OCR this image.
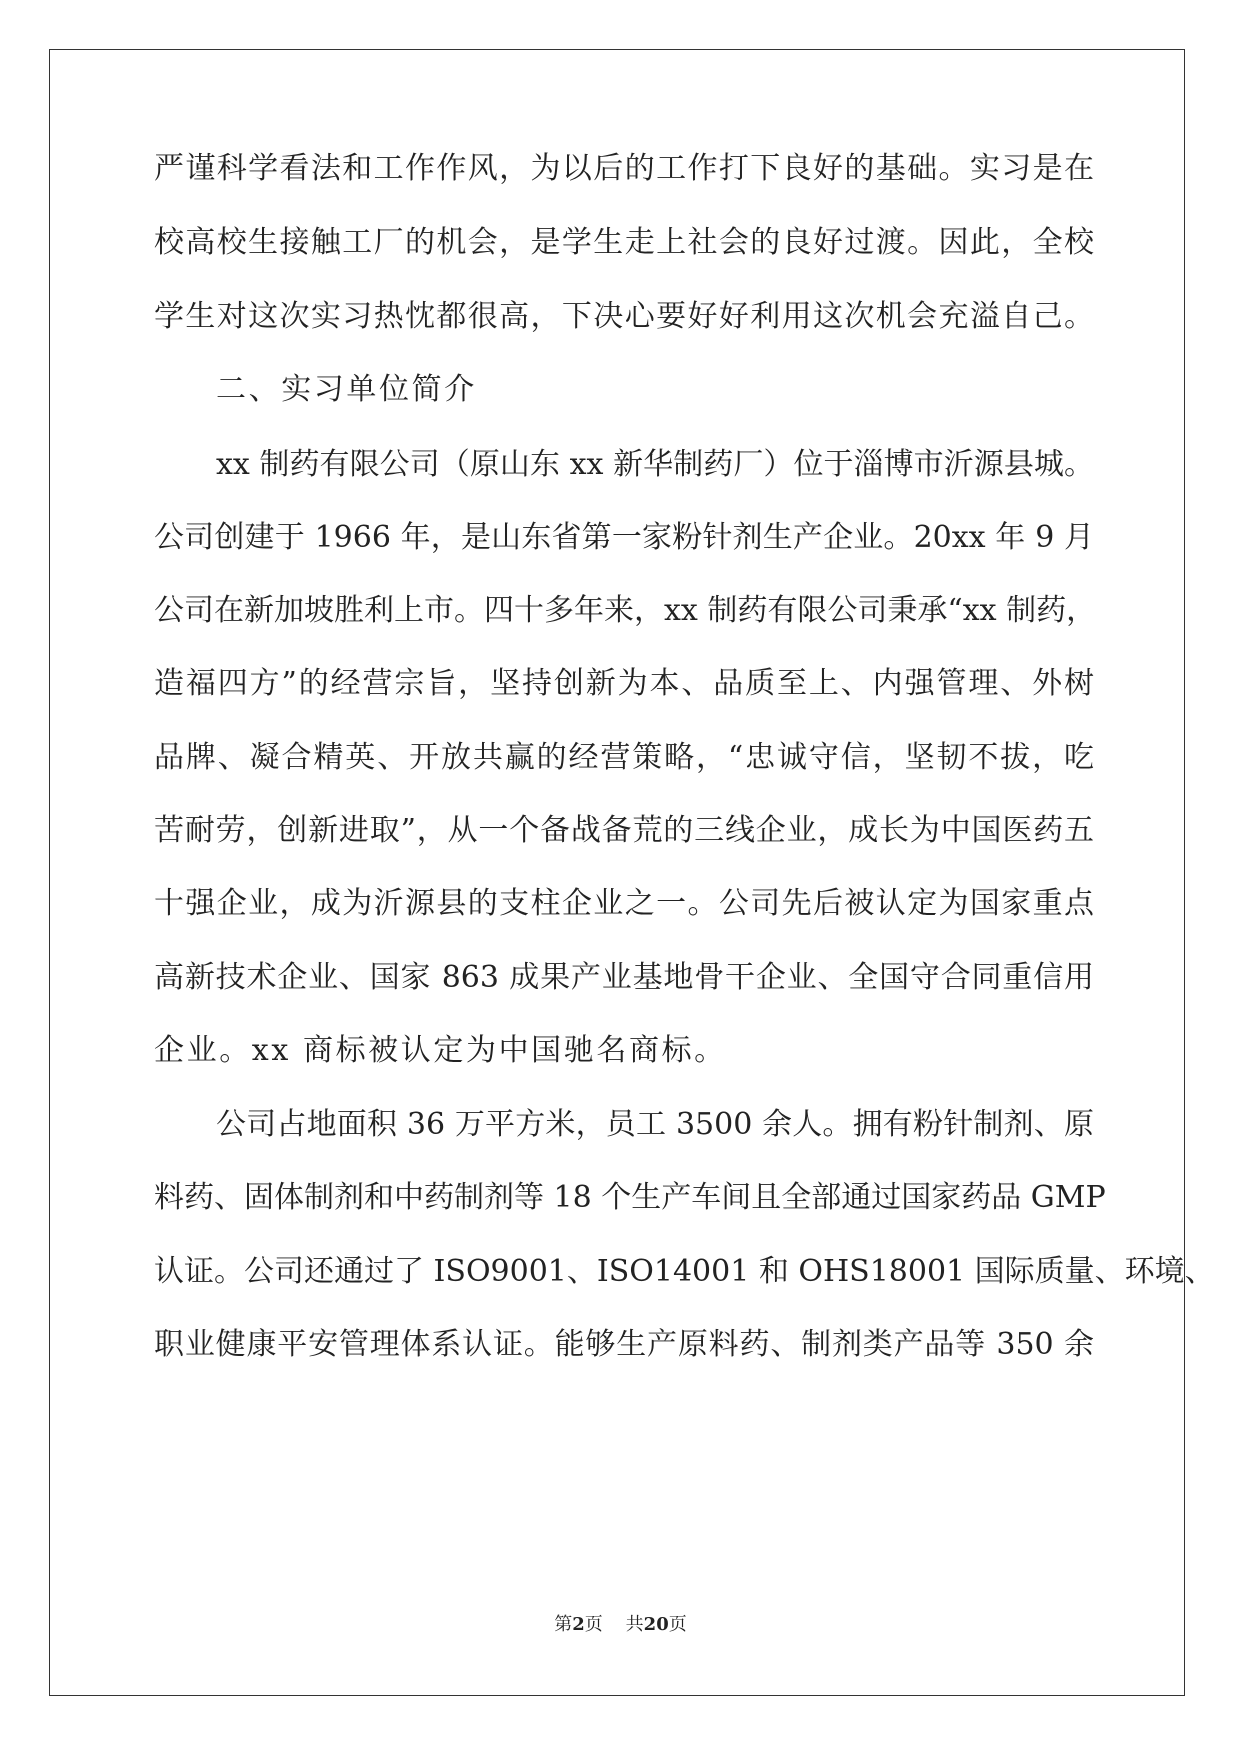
严谨科学看法和工作作风，为以后的工作打下良好的基础。实习是在
校高校生接触工厂的机会，是学生走上社会的良好过渡。因此，全校
学生对这次实习热忱都很高，下决心要好好利用这次机会充溢自己。
二、实习单位简介
xx 制药有限公司（原山东 xx 新华制药厂）位于淄博市沂源县城。
公司创建于 1966 年，是山东省第一家粉针剂生产企业。20xx 年 9 月
公司在新加坡胜利上市。四十多年来，xx 制药有限公司秉承“xx 制药，
造福四方”的经营宗旨，坚持创新为本、品质至上、内强管理、外树
品牌、凝合精英、开放共赢的经营策略，“忠诚守信，坚韧不拔，吃
苦耐劳，创新进取”，从一个备战备荒的三线企业，成长为中国医药五
十强企业，成为沂源县的支柱企业之一。公司先后被认定为国家重点
高新技术企业、国家 863 成果产业基地骨干企业、全国守合同重信用
企业。xx 商标被认定为中国驰名商标。
公司占地面积 36 万平方米，员工 3500 余人。拥有粉针制剂、原
料药、固体制剂和中药制剂等 18 个生产车间且全部通过国家药品 GMP
认证。公司还通过了 ISO9001、ISO14001 和 OHS18001 国际质量、环境、
职业健康平安管理体系认证。能够生产原料药、制剂类产品等 350 余
第2页    共20页
